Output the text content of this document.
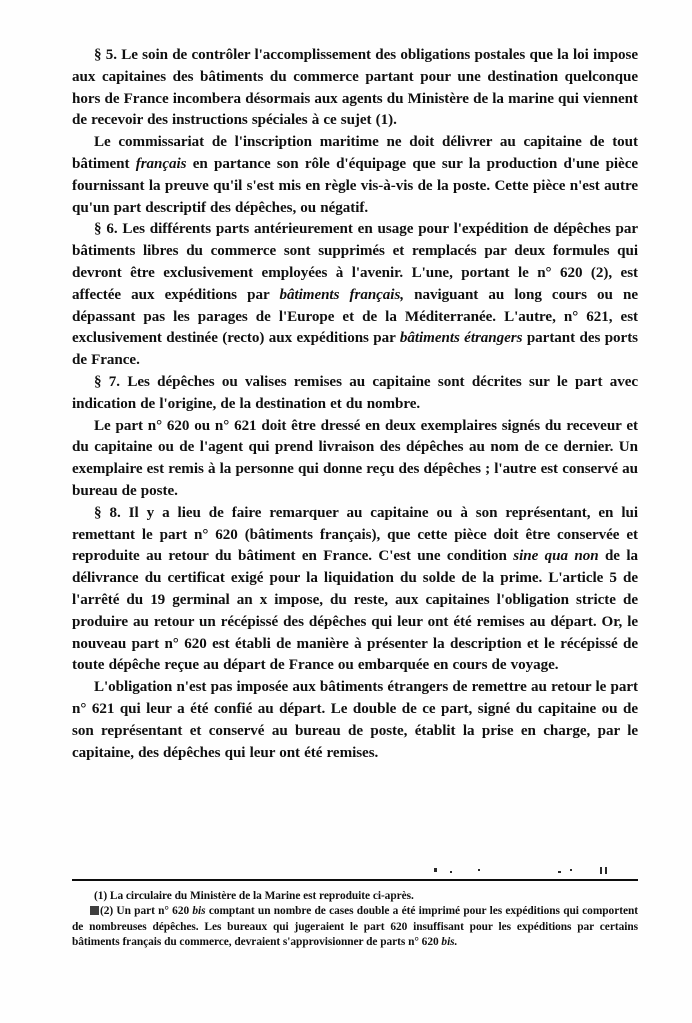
§ 5. Le soin de contrôler l'accomplissement des obligations postales que la loi impose aux capitaines des bâtiments du commerce partant pour une destination quelconque hors de France incombera désormais aux agents du Ministère de la marine qui viennent de recevoir des instructions spéciales à ce sujet (1).

Le commissariat de l'inscription maritime ne doit délivrer au capitaine de tout bâtiment français en partance son rôle d'équipage que sur la production d'une pièce fournissant la preuve qu'il s'est mis en règle vis-à-vis de la poste. Cette pièce n'est autre qu'un part descriptif des dépêches, ou négatif.

§ 6. Les différents parts antérieurement en usage pour l'expédition de dépêches par bâtiments libres du commerce sont supprimés et remplacés par deux formules qui devront être exclusivement employées à l'avenir. L'une, portant le n° 620 (2), est affectée aux expéditions par bâtiments français, naviguant au long cours ou ne dépassant pas les parages de l'Europe et de la Méditerranée. L'autre, n° 621, est exclusivement destinée (recto) aux expéditions par bâtiments étrangers partant des ports de France.

§ 7. Les dépêches ou valises remises au capitaine sont décrites sur le part avec indication de l'origine, de la destination et du nombre.

Le part n° 620 ou n° 621 doit être dressé en deux exemplaires signés du receveur et du capitaine ou de l'agent qui prend livraison des dépêches au nom de ce dernier. Un exemplaire est remis à la personne qui donne reçu des dépêches ; l'autre est conservé au bureau de poste.

§ 8. Il y a lieu de faire remarquer au capitaine ou à son représentant, en lui remettant le part n° 620 (bâtiments français), que cette pièce doit être conservée et reproduite au retour du bâtiment en France. C'est une condition sine qua non de la délivrance du certificat exigé pour la liquidation du solde de la prime. L'article 5 de l'arrêté du 19 germinal an x impose, du reste, aux capitaines l'obligation stricte de produire au retour un récépissé des dépêches qui leur ont été remises au départ. Or, le nouveau part n° 620 est établi de manière à présenter la description et le récépissé de toute dépêche reçue au départ de France ou embarquée en cours de voyage.

L'obligation n'est pas imposée aux bâtiments étrangers de remettre au retour le part n° 621 qui leur a été confié au départ. Le double de ce part, signé du capitaine ou de son représentant et conservé au bureau de poste, établit la prise en charge, par le capitaine, des dépêches qui leur ont été remises.

(1) La circulaire du Ministère de la Marine est reproduite ci-après.

(2) Un part n° 620 bis comptant un nombre de cases double a été imprimé pour les expéditions qui comportent de nombreuses dépêches. Les bureaux qui jugeraient le part 620 insuffisant pour les expéditions par certains bâtiments français du commerce, devraient s'approvisionner de parts n° 620 bis.
